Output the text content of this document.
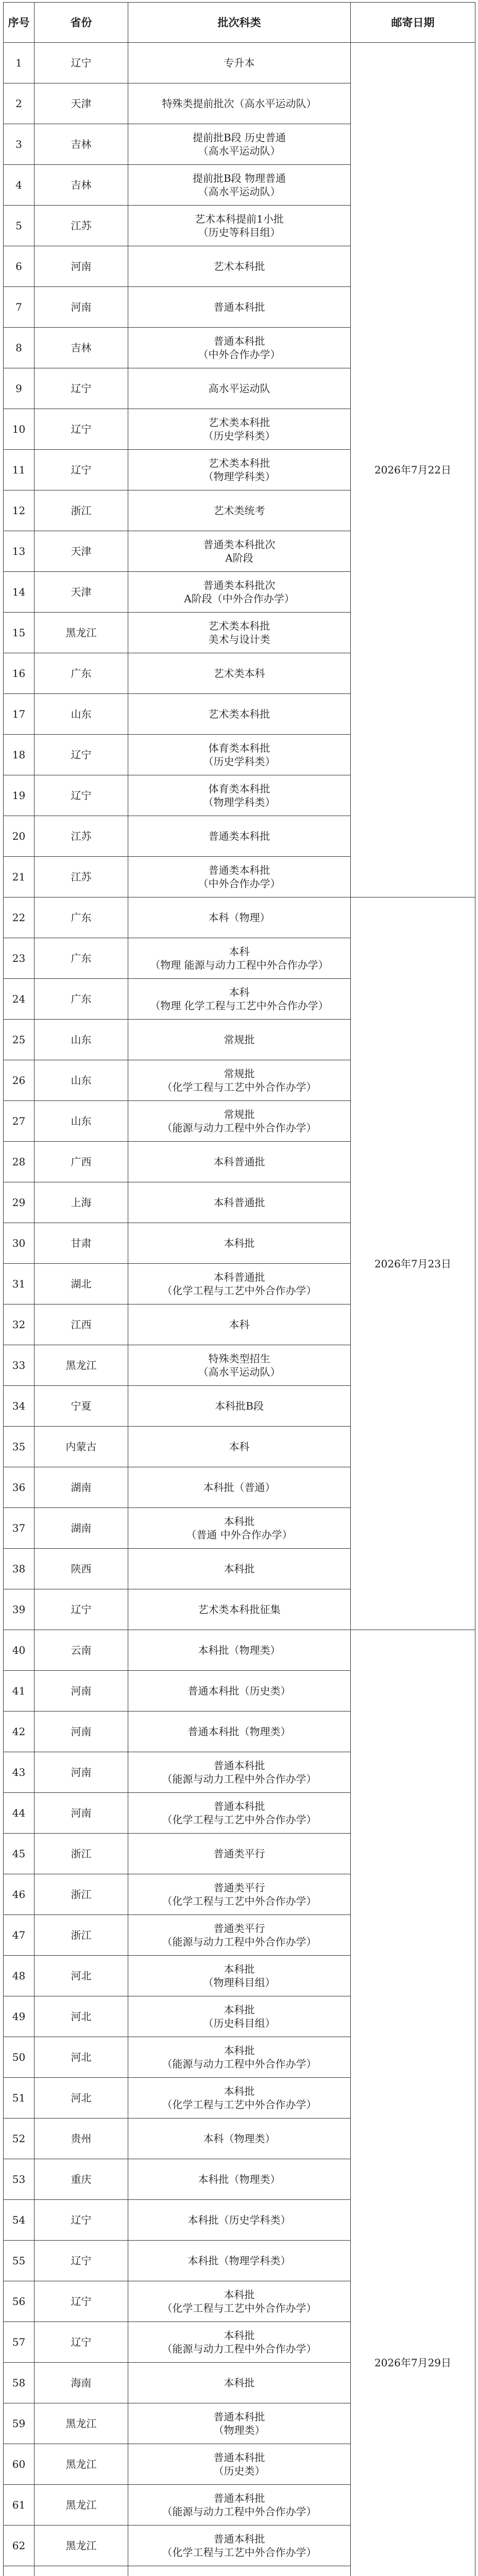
序号	省份	批次科类	邮寄日期
1	辽宁	专升本	2026年7月22日
2	天津	特殊类提前批次（高水平运动队）	
3	吉林	提前批B段 历史普通
（高水平运动队）	
4	吉林	提前批B段 物理普通
（高水平运动队）	
5	江苏	艺术本科提前1小批
（历史等科目组）	
6	河南	艺术本科批	
7	河南	普通本科批	
8	吉林	普通本科批
（中外合作办学）	
9	辽宁	高水平运动队	
10	辽宁	艺术类本科批
（历史学科类）	
11	辽宁	艺术类本科批
（物理学科类）	
12	浙江	艺术类统考	
13	天津	普通类本科批次
A阶段	
14	天津	普通类本科批次
A阶段（中外合作办学）	
15	黑龙江	艺术类本科批
美术与设计类	
16	广东	艺术类本科	
17	山东	艺术类本科批	
18	辽宁	体育类本科批
（历史学科类）	
19	辽宁	体育类本科批
（物理学科类）	
20	江苏	普通类本科批	
21	江苏	普通类本科批
（中外合作办学）	
22	广东	本科（物理）	2026年7月23日
23	广东	本科
（物理 能源与动力工程中外合作办学）	
24	广东	本科
（物理 化学工程与工艺中外合作办学）	
25	山东	常规批	
26	山东	常规批
（化学工程与工艺中外合作办学）	
27	山东	常规批
（能源与动力工程中外合作办学）	
28	广西	本科普通批	
29	上海	本科普通批	
30	甘肃	本科批	
31	湖北	本科普通批
（化学工程与工艺中外合作办学）	
32	江西	本科	
33	黑龙江	特殊类型招生
（高水平运动队）	
34	宁夏	本科批B段	
35	内蒙古	本科	
36	湖南	本科批（普通）	
37	湖南	本科批
（普通 中外合作办学）	
38	陕西	本科批	
39	辽宁	艺术类本科批征集	
40	云南	本科批（物理类）	2026年7月29日
41	河南	普通本科批（历史类）	
42	河南	普通本科批（物理类）	
43	河南	普通本科批
（能源与动力工程中外合作办学）	
44	河南	普通本科批
（化学工程与工艺中外合作办学）	
45	浙江	普通类平行	
46	浙江	普通类平行
（化学工程与工艺中外合作办学）	
47	浙江	普通类平行
（能源与动力工程中外合作办学）	
48	河北	本科批
（物理科目组）	
49	河北	本科批
（历史科目组）	
50	河北	本科批
（能源与动力工程中外合作办学）	
51	河北	本科批
（化学工程与工艺中外合作办学）	
52	贵州	本科（物理类）	
53	重庆	本科批（物理类）	
54	辽宁	本科批（历史学科类）	
55	辽宁	本科批（物理学科类）	
56	辽宁	本科批
（化学工程与工艺中外合作办学）	
57	辽宁	本科批
（能源与动力工程中外合作办学）	
58	海南	本科批	
59	黑龙江	普通本科批
（物理类）	
60	黑龙江	普通本科批
（历史类）	
61	黑龙江	普通本科批
（能源与动力工程中外合作办学）	
62	黑龙江	普通本科批
（化学工程与工艺中外合作办学）	
